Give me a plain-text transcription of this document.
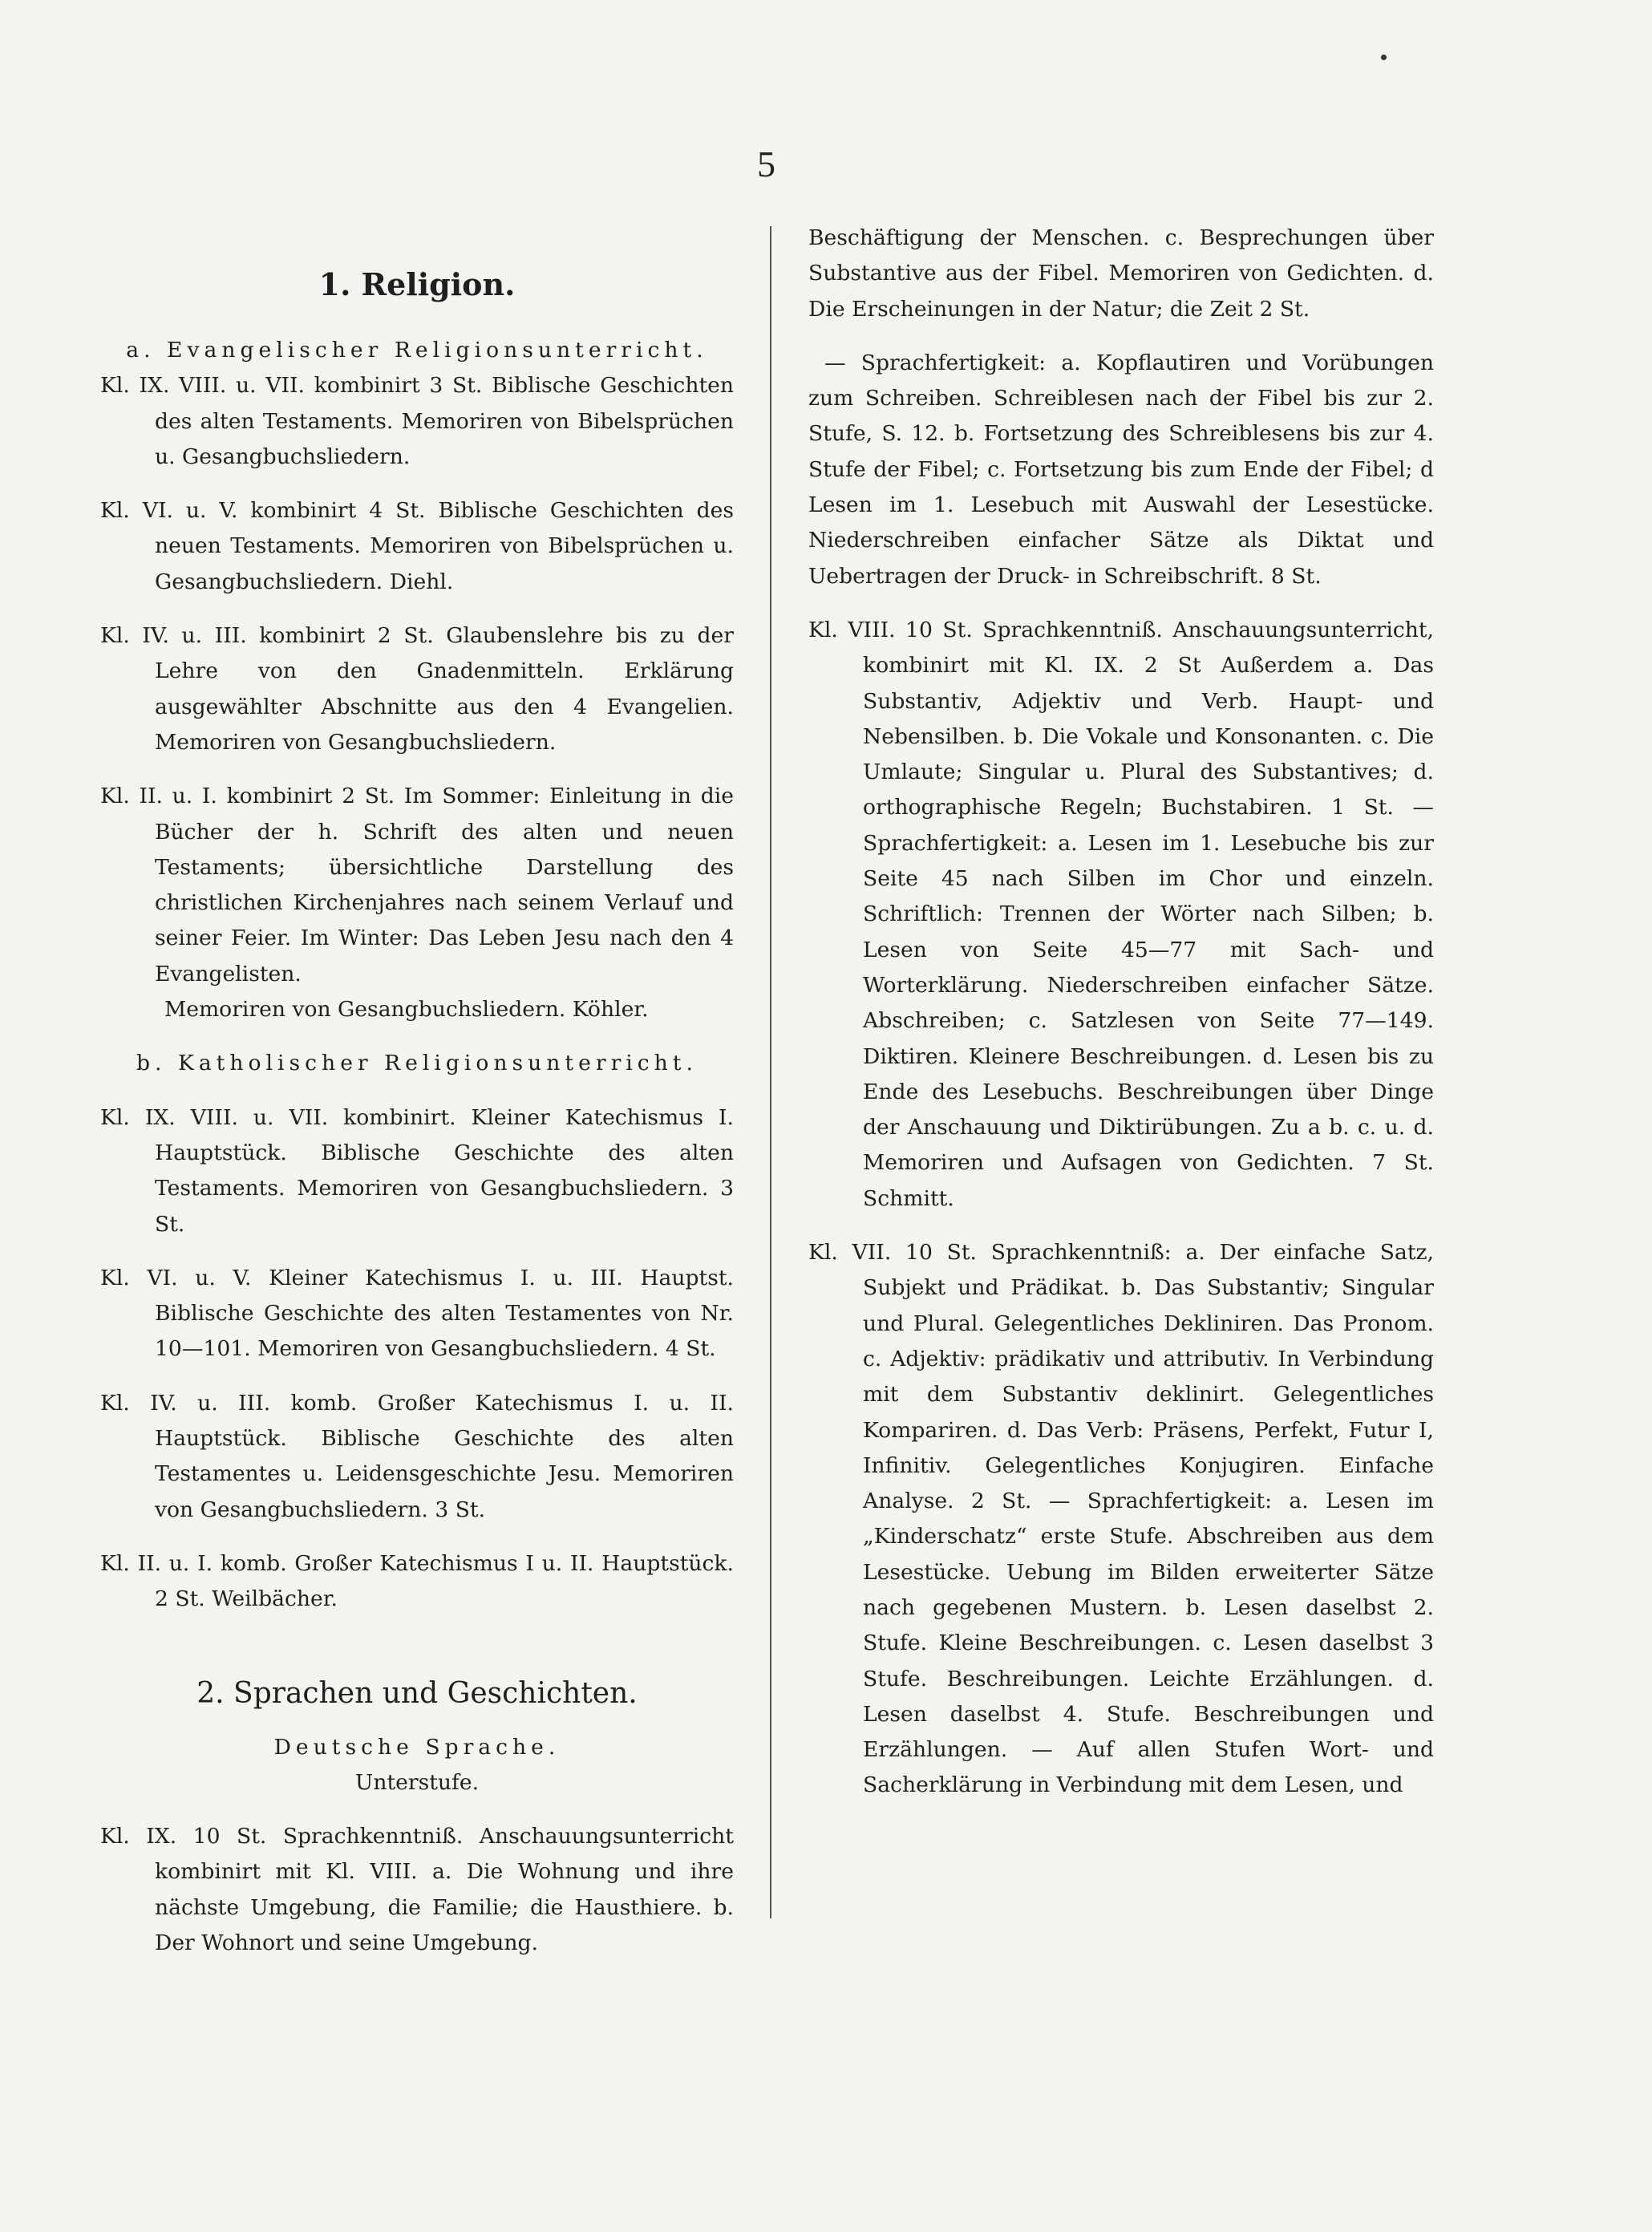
5
1. Religion.

a. Evangelischer Religionsunterricht.

Kl. IX. VIII. u. VII. kombinirt 3 St. Biblische Geschichten des alten Testaments. Memoriren von Bibelsprüchen u. Gesangbuchsliedern.

Kl. VI. u. V. kombinirt 4 St. Biblische Geschichten des neuen Testaments. Memoriren von Bibelsprüchen u. Gesangbuchsliedern. Diehl.

Kl. IV. u. III. kombinirt 2 St. Glaubenslehre bis zu der Lehre von den Gnadenmitteln. Erklärung ausgewählter Abschnitte aus den 4 Evangelien. Memoriren von Gesangbuchsliedern.

Kl. II. u. I. kombinirt 2 St. Im Sommer: Einleitung in die Bücher der h. Schrift des alten und neuen Testaments; übersichtliche Darstellung des christlichen Kirchenjahres nach seinem Verlauf und seiner Feier. Im Winter: Das Leben Jesu nach den 4 Evangelisten.

Memoriren von Gesangbuchsliedern. Köhler.

b. Katholischer Religionsunterricht.

Kl. IX. VIII. u. VII. kombinirt. Kleiner Katechismus I. Hauptstück. Biblische Geschichte des alten Testaments. Memoriren von Gesangbuchsliedern. 3 St.

Kl. VI. u. V. Kleiner Katechismus I. u. III. Hauptst. Biblische Geschichte des alten Testamentes von Nr. 10—101. Memoriren von Gesangbuchsliedern. 4 St.

Kl. IV. u. III. komb. Großer Katechismus I. u. II. Hauptstück. Biblische Geschichte des alten Testamentes u. Leidensgeschichte Jesu. Memoriren von Gesangbuchsliedern. 3 St.

Kl. II. u. I. komb. Großer Katechismus I u. II. Hauptstück. 2 St. Weilbächer.

2. Sprachen und Geschichten.

Deutsche Sprache.

Unterstufe.

Kl. IX. 10 St. Sprachkenntniß. Anschauungsunterricht kombinirt mit Kl. VIII. a. Die Wohnung und ihre nächste Umgebung, die Familie; die Hausthiere. b. Der Wohnort und seine Umgebung.

Beschäftigung der Menschen. c. Besprechungen über Substantive aus der Fibel. Memoriren von Gedichten. d. Die Erscheinungen in der Natur; die Zeit 2 St.

— Sprachfertigkeit: a. Kopflautiren und Vorübungen zum Schreiben. Schreiblesen nach der Fibel bis zur 2. Stufe, S. 12. b. Fortsetzung des Schreiblesens bis zur 4. Stufe der Fibel; c. Fortsetzung bis zum Ende der Fibel; d Lesen im 1. Lesebuch mit Auswahl der Lesestücke. Niederschreiben einfacher Sätze als Diktat und Uebertragen der Druck- in Schreibschrift. 8 St.

Kl. VIII. 10 St. Sprachkenntniß. Anschauungsunterricht, kombinirt mit Kl. IX. 2 St Außerdem a. Das Substantiv, Adjektiv und Verb. Haupt- und Nebensilben. b. Die Vokale und Konsonanten. c. Die Umlaute; Singular u. Plural des Substantives; d. orthographische Regeln; Buchstabiren. 1 St. — Sprachfertigkeit: a. Lesen im 1. Lesebuche bis zur Seite 45 nach Silben im Chor und einzeln. Schriftlich: Trennen der Wörter nach Silben; b. Lesen von Seite 45—77 mit Sach- und Worterklärung. Niederschreiben einfacher Sätze. Abschreiben; c. Satzlesen von Seite 77—149. Diktiren. Kleinere Beschreibungen. d. Lesen bis zu Ende des Lesebuchs. Beschreibungen über Dinge der Anschauung und Diktirübungen. Zu a b. c. u. d. Memoriren und Aufsagen von Gedichten. 7 St. Schmitt.

Kl. VII. 10 St. Sprachkenntniß: a. Der einfache Satz, Subjekt und Prädikat. b. Das Substantiv; Singular und Plural. Gelegentliches Dekliniren. Das Pronom. c. Adjektiv: prädikativ und attributiv. In Verbindung mit dem Substantiv deklinirt. Gelegentliches Kompariren. d. Das Verb: Präsens, Perfekt, Futur I, Infinitiv. Gelegentliches Konjugiren. Einfache Analyse. 2 St. — Sprachfertigkeit: a. Lesen im „Kinderschatz“ erste Stufe. Abschreiben aus dem Lesestücke. Uebung im Bilden erweiterter Sätze nach gegebenen Mustern. b. Lesen daselbst 2. Stufe. Kleine Beschreibungen. c. Lesen daselbst 3 Stufe. Beschreibungen. Leichte Erzählungen. d. Lesen daselbst 4. Stufe. Beschreibungen und Erzählungen. — Auf allen Stufen Wort- und Sacherklärung in Verbindung mit dem Lesen, und
